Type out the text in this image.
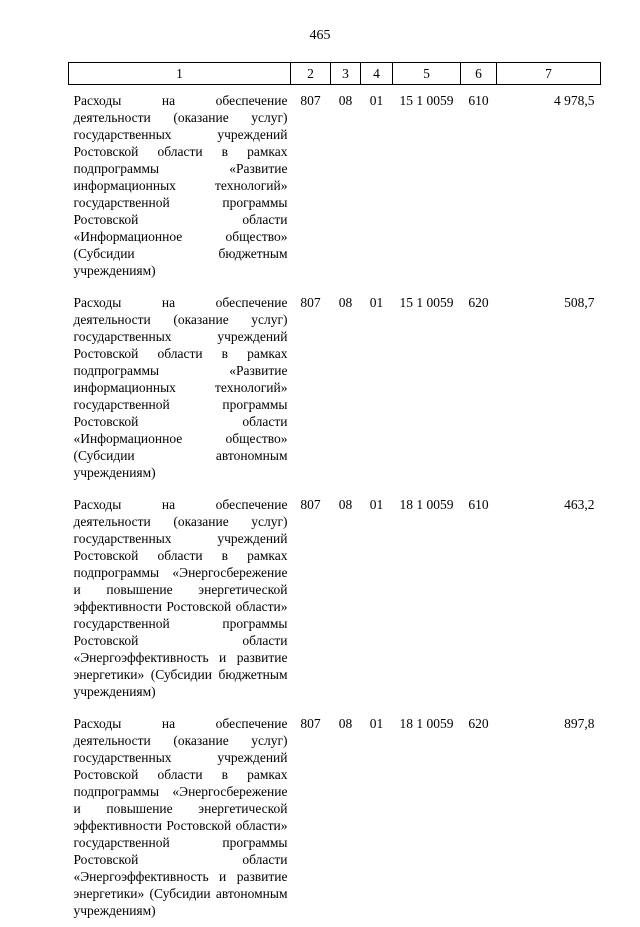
465
1	2	3	4	5	6	7
Расходы на обеспечение деятельности (оказание услуг) государственных учреждений Ростовской области в рамках подпрограммы «Развитие информационных технологий» государственной программы Ростовской области «Информационное общество» (Субсидии бюджетным учреждениям)	807	08	01	15 1 0059	610	4 978,5
Расходы на обеспечение деятельности (оказание услуг) государственных учреждений Ростовской области в рамках подпрограммы «Развитие информационных технологий» государственной программы Ростовской области «Информационное общество» (Субсидии автономным учреждениям)	807	08	01	15 1 0059	620	508,7
Расходы на обеспечение деятельности (оказание услуг) государственных учреждений Ростовской области в рамках подпрограммы «Энергосбережение и повышение энергетической эффективности Ростовской области» государственной программы Ростовской области «Энергоэффективность и развитие энергетики» (Субсидии бюджетным учреждениям)	807	08	01	18 1 0059	610	463,2
Расходы на обеспечение деятельности (оказание услуг) государственных учреждений Ростовской области в рамках подпрограммы «Энергосбережение и повышение энергетической эффективности Ростовской области» государственной программы Ростовской области «Энергоэффективность и развитие энергетики» (Субсидии автономным учреждениям)	807	08	01	18 1 0059	620	897,8
